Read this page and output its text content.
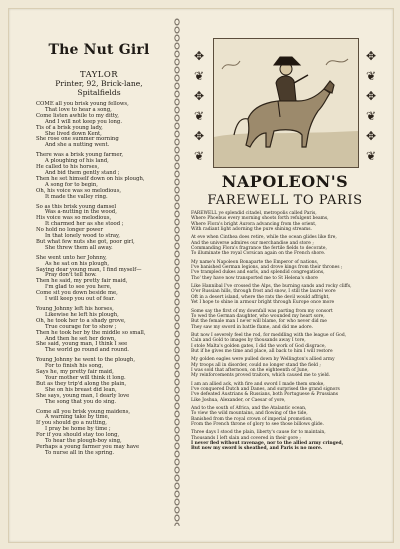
The Nut Girl
TAYLOR
Printer, 92, Brick-lane, Spitalfields

COME all you brisk young fellows,

That love to hear a song,

Come listen awhile to my ditty,

And I will not keep you long.

Tis of a brisk young lady,

She lived down Kent,

She rose one summer morning

And she a nutting went.

There was a brisk young farmer,

A ploughing of his land,

He called to his horses,

And bid them gently stand ;

Then he set himself down on his plough,

A song for to begin,

Oh, his voice was so melodious,

It made the valley ring.

So as this brisk young damsel

Was a-nutting in the wood,

His voice was so melodious,

It charmed her as she stood ;

No hold no longer power

In that lonely wood to stray,

But what few nuts she got, poor girl,

She threw them all away.

She went unto her Johnny,

As he sat on his plough,

Saying dear young man, I find myself—

Pray don't tell how.

Then he said, my pretty fair maid,

I'm glad to see you here,

Come sit you down beside me,

I will keep you out of fear.

Young Johnny left his horses,

Likewise he left his plough,

Oh, he took her to a shady grove,

True courage for to show ;

Then he took her by the middle so small,

And then he set her down,

She said, young man, I think I see

The world go round and round.

Young Johnny he went to the plough,

For to finish his song,

Says he, my pretty fair maid,

Your mother will think it long.

But as they trip'd along the plain,

She on his breast did lean,

She says, young man, I dearly love

The song that you do sing.

Come all you brisk young maidens,

A warning take by time,

If you should go a nutting,

I pray be home by time ;

For if you should stay too long,

To hear the plough-boy sing,

Perhaps a young farmer you may have

To nurse all in the spring.

✥
❦
✥
❦
✥
❦
✥
❦
✥
❦
✥
❦
NAPOLEON'S
FAREWELL TO PARIS

FAREWELL ye splendid citadel, metropolis called Paris,

Where Phoebus every morning shoots forth refulgent beams,

Where Flora's bright Aurora advancing from the orient,

With radiant light adorning the pure shining streams.

At eve when Cinthea does retire, while the ocean glides like fire,

And the universe admires our merchandise and store ;

Commanding Flora's fragrance the fertile fields to decorate,

To illuminate the royal Corsican again on the French shore.

My name's Napoleon Bonaparte the Emperor of nations,

I've banished German legions, and drove kings from their thrones ;

I've trampled dukes and earls, and splendid congregations,

Tho' they have now transported me to St Helena's shore

Like Hannibal I've crossed the Alps, the burning sands and rocky cliffs,

O'er Russian hills, through frost and snow, I still the laurel wore

Oft in a desert island, where the rats the devil would affright,

Yet I hope to shine in armour bright through Europe once more

Some say the first of my downfall was parting from my consort

To wed the German daughter, who wounded my heart sore,

But the female man I ne'er will blame, for who never did me

They saw my sword in battle flame, and did me adore.

But now I severely feel the rod, for meddling with the league of God,

Cain and Gold to images by thousands away I tore,

I stole Malta's golden gates, I did the work of God disgrace,

But if he gives me time and place, all back to him I will restore

My golden eagles were pulled down by Wellington's allied army

My troops all in disorder, could no longer stand the field ;

I was sold that afternoon, on the eighteenth of June,

My reinforcements proved traitors, which caused me to yield.

I am an allied ack, with fire and sword I made them smoke,

I've conquered Dutch and Danes, and surprised the grand signors

I've defeated Austrians & Russians, both Portuguese & Prussians

Like Joshua, Alexander, or Caesar of yore,

And to the south of Africa, and the Atalantic ocean,

To view the wild mountains, and flowing of the tide,

Banished from the royal crown of imperial promotion,

From the French throne of glory to see those billows glide.

Three days I stood the plain, liberty's cause for to maintain,

Thousands I left slain and covered in their gore ;

I never fled without ravenage, nor to the allied army cringed,

But now my sword is sheathed, and Paris is no more.
